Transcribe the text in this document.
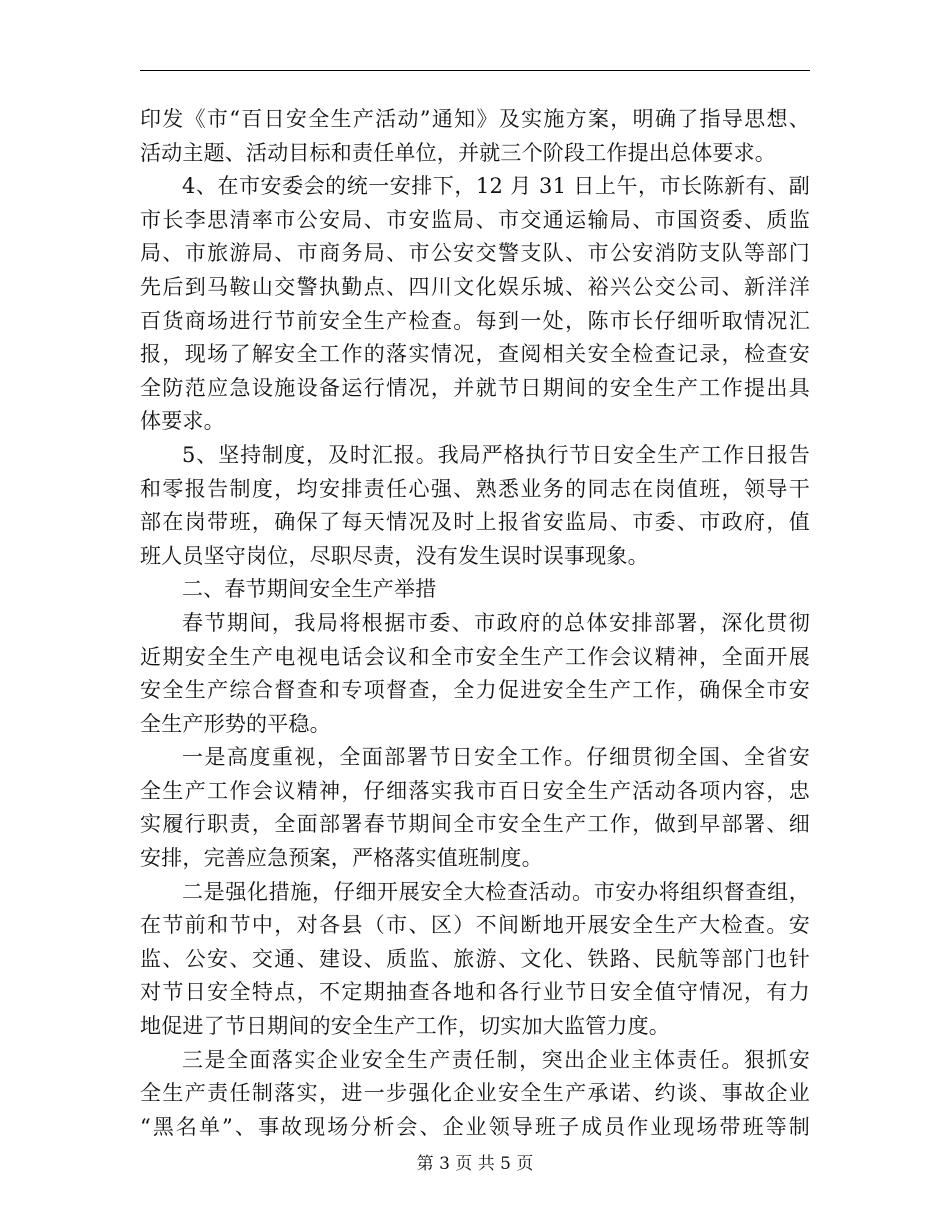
印发《市“百日安全生产活动”通知》及实施方案，明确了指导思想、
活动主题、活动目标和责任单位，并就三个阶段工作提出总体要求。
4、在市安委会的统一安排下，12 月 31 日上午，市长陈新有、副
市长李思清率市公安局、市安监局、市交通运输局、市国资委、质监
局、市旅游局、市商务局、市公安交警支队、市公安消防支队等部门
先后到马鞍山交警执勤点、四川文化娱乐城、裕兴公交公司、新洋洋
百货商场进行节前安全生产检查。每到一处，陈市长仔细听取情况汇
报，现场了解安全工作的落实情况，查阅相关安全检查记录，检查安
全防范应急设施设备运行情况，并就节日期间的安全生产工作提出具
体要求。
5、坚持制度，及时汇报。我局严格执行节日安全生产工作日报告
和零报告制度，均安排责任心强、熟悉业务的同志在岗值班，领导干
部在岗带班，确保了每天情况及时上报省安监局、市委、市政府，值
班人员坚守岗位，尽职尽责，没有发生误时误事现象。
二、春节期间安全生产举措
春节期间，我局将根据市委、市政府的总体安排部署，深化贯彻
近期安全生产电视电话会议和全市安全生产工作会议精神，全面开展
安全生产综合督查和专项督查，全力促进安全生产工作，确保全市安
全生产形势的平稳。
一是高度重视，全面部署节日安全工作。仔细贯彻全国、全省安
全生产工作会议精神，仔细落实我市百日安全生产活动各项内容，忠
实履行职责，全面部署春节期间全市安全生产工作，做到早部署、细
安排，完善应急预案，严格落实值班制度。
二是强化措施，仔细开展安全大检查活动。市安办将组织督查组，
在节前和节中，对各县（市、区）不间断地开展安全生产大检查。安
监、公安、交通、建设、质监、旅游、文化、铁路、民航等部门也针
对节日安全特点，不定期抽查各地和各行业节日安全值守情况，有力
地促进了节日期间的安全生产工作，切实加大监管力度。
三是全面落实企业安全生产责任制，突出企业主体责任。狠抓安
全生产责任制落实，进一步强化企业安全生产承诺、约谈、事故企业
“黑名单”、事故现场分析会、企业领导班子成员作业现场带班等制
第 3 页 共 5 页
